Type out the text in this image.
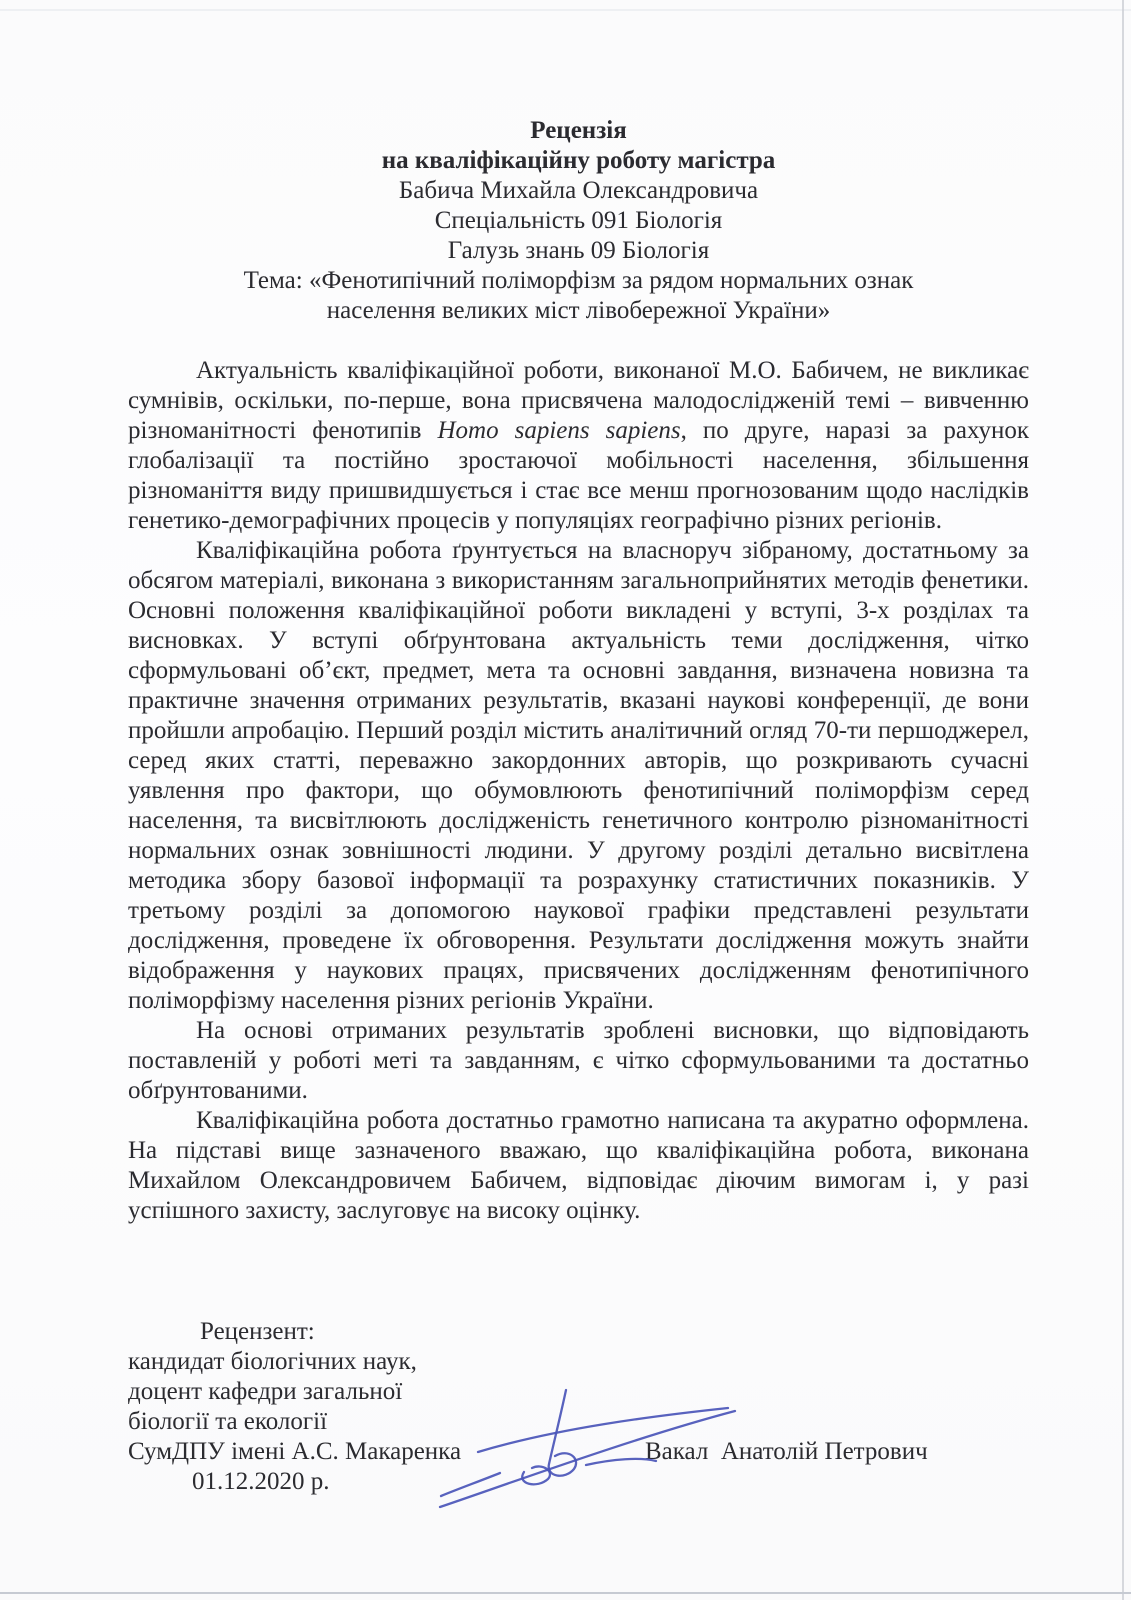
Рецензія
на кваліфікаційну роботу магістра
Бабича Михайла Олександровича
Спеціальність 091 Біологія
Галузь знань 09 Біологія
Тема: «Фенотипічний поліморфізм за рядом нормальних ознак
населення великих міст лівобережної України»

Актуальність кваліфікаційної роботи, виконаної М.О. Бабичем, не викликає сумнівів, оскільки, по-перше, вона присвячена малодослідженій темі – вивченню різноманітності фенотипів Homo sapiens sapiens, по друге, наразі за рахунок глобалізації та постійно зростаючої мобільності населення, збільшення різноманіття виду пришвидшується і стає все менш прогнозованим щодо наслідків генетико-демографічних процесів у популяціях географічно різних регіонів.

Кваліфікаційна робота ґрунтується на власноруч зібраному, достатньому за обсягом матеріалі, виконана з використанням загальноприйнятих методів фенетики. Основні положення кваліфікаційної роботи викладені у вступі, 3-х розділах та висновках. У вступі обґрунтована актуальність теми дослідження, чітко сформульовані об’єкт, предмет, мета та основні завдання, визначена новизна та практичне значення отриманих результатів, вказані наукові конференції, де вони пройшли апробацію. Перший розділ містить аналітичний огляд 70-ти першоджерел, серед яких статті, переважно закордонних авторів, що розкривають сучасні уявлення про фактори, що обумовлюють фенотипічний поліморфізм серед населення, та висвітлюють дослідженість генетичного контролю різноманітності нормальних ознак зовнішності людини. У другому розділі детально висвітлена методика збору базової інформації та розрахунку статистичних показників. У третьому розділі за допомогою наукової графіки представлені результати дослідження, проведене їх обговорення. Результати дослідження можуть знайти відображення у наукових працях, присвячених дослідженням фенотипічного поліморфізму населення різних регіонів України.

На основі отриманих результатів зроблені висновки, що відповідають поставленій у роботі меті та завданням, є чітко сформульованими та достатньо обґрунтованими.

Кваліфікаційна робота достатньо грамотно написана та акуратно оформлена. На підставі вище зазначеного вважаю, що кваліфікаційна робота, виконана Михайлом Олександровичем Бабичем, відповідає діючим вимогам і, у разі успішного захисту, заслуговує на високу оцінку.

Рецензент:
кандидат біологічних наук,
доцент кафедри загальної
біології та екології
СумДПУ імені А.С. Макаренка	Вакал  Анатолій Петрович
01.12.2020 р.
